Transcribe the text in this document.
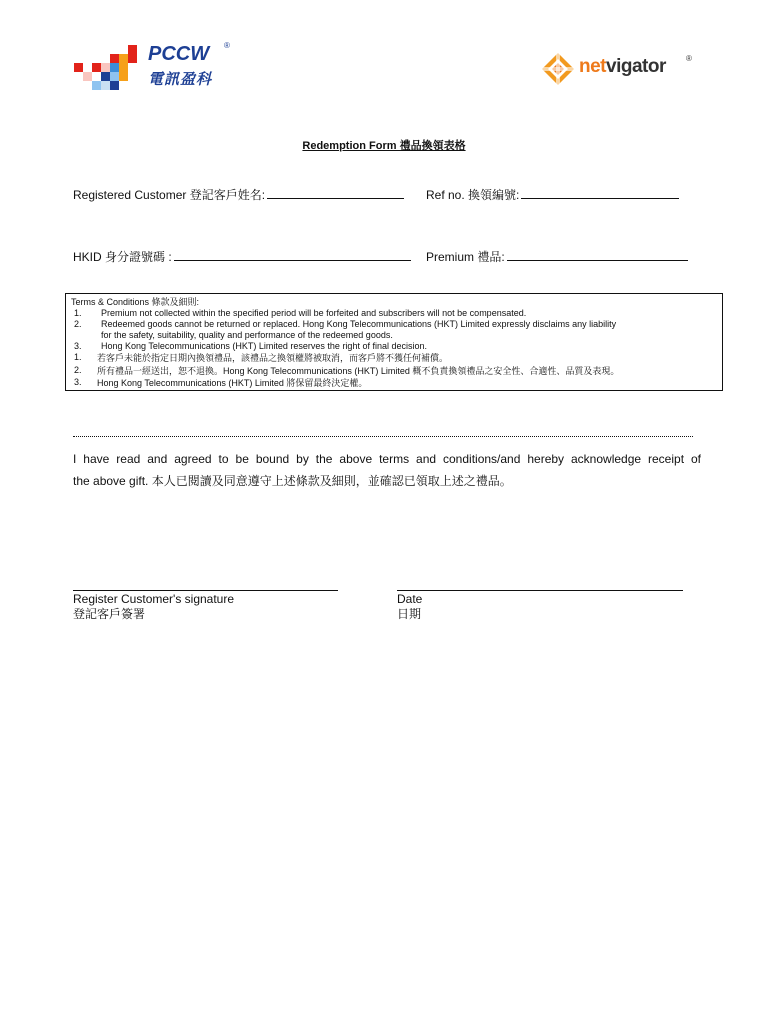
PCCW ®
電訊盈科
netvigator	®
Redemption Form 禮品換領表格
Registered Customer 登記客戶姓名:	Ref no. 換領編號:
HKID 身分證號碼 :	Premium 禮品:
Terms & Conditions 條款及細則:
1. Premium not collected within the specified period will be forfeited and subscribers will not be compensated.
2. Redeemed goods cannot be returned or replaced. Hong Kong Telecommunications (HKT) Limited expressly disclaims any liability
for the safety, suitability, quality and performance of the redeemed goods.
3. Hong Kong Telecommunications (HKT) Limited reserves the right of final decision.
1. 若客戶未能於指定日期內換領禮品，該禮品之換領權將被取消，而客戶將不獲任何補償。
2. 所有禮品一經送出，恕不退換。Hong Kong Telecommunications (HKT) Limited 概不負責換領禮品之安全性、合適性、品質及表現。
3. Hong Kong Telecommunications (HKT) Limited 將保留最終決定權。
I have read and agreed to be bound by the above terms and conditions/and hereby acknowledge receipt of
the above gift. 本人已閱讀及同意遵守上述條款及細則，並確認已領取上述之禮品。
Register Customer's signature
登記客戶簽署
Date
日期
